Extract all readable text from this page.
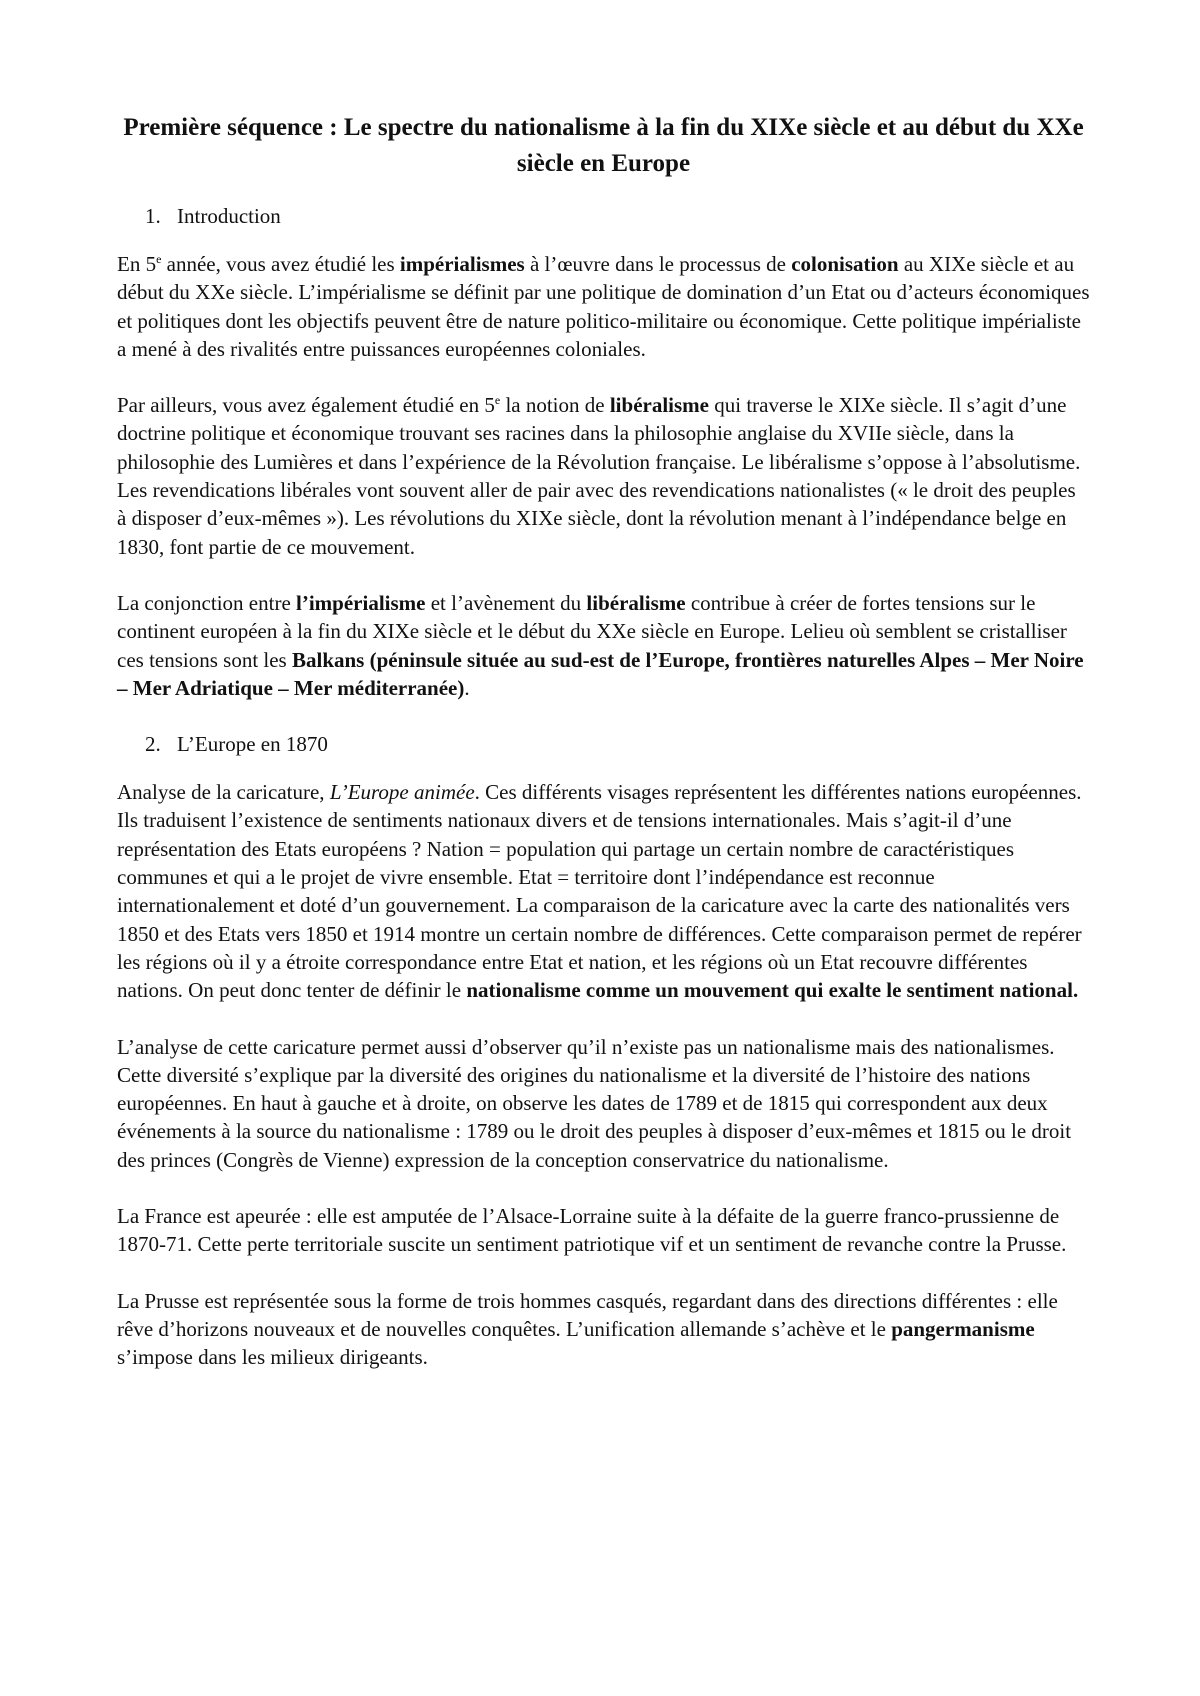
Première séquence : Le spectre du nationalisme à la fin du XIXe siècle et au début du XXe siècle en Europe
1. Introduction

En 5e année, vous avez étudié les impérialismes à l’œuvre dans le processus de colonisation au XIXe siècle et au début du XXe siècle. L’impérialisme se définit par une politique de domination d’un Etat ou d’acteurs économiques et politiques dont les objectifs peuvent être de nature politico-militaire ou économique. Cette politique impérialiste a mené à des rivalités entre puissances européennes coloniales.

Par ailleurs, vous avez également étudié en 5e la notion de libéralisme qui traverse le XIXe siècle. Il s’agit d’une doctrine politique et économique trouvant ses racines dans la philosophie anglaise du XVIIe siècle, dans la philosophie des Lumières et dans l’expérience de la Révolution française. Le libéralisme s’oppose à l’absolutisme. Les revendications libérales vont souvent aller de pair avec des revendications nationalistes (« le droit des peuples à disposer d’eux-mêmes »). Les révolutions du XIXe siècle, dont la révolution menant à l’indépendance belge en 1830, font partie de ce mouvement.

La conjonction entre l’impérialisme et l’avènement du libéralisme contribue à créer de fortes tensions sur le continent européen à la fin du XIXe siècle et le début du XXe siècle en Europe. Lelieu où semblent se cristalliser ces tensions sont les Balkans (péninsule située au sud-est de l’Europe, frontières naturelles Alpes – Mer Noire – Mer Adriatique – Mer méditerranée).

2. L’Europe en 1870

Analyse de la caricature, L’Europe animée. Ces différents visages représentent les différentes nations européennes. Ils traduisent l’existence de sentiments nationaux divers et de tensions internationales. Mais s’agit-il d’une représentation des Etats européens ? Nation = population qui partage un certain nombre de caractéristiques communes et qui a le projet de vivre ensemble. Etat = territoire dont l’indépendance est reconnue internationalement et doté d’un gouvernement. La comparaison de la caricature avec la carte des nationalités vers 1850 et des Etats vers 1850 et 1914 montre un certain nombre de différences. Cette comparaison permet de repérer les régions où il y a étroite correspondance entre Etat et nation, et les régions où un Etat recouvre différentes nations. On peut donc tenter de définir le nationalisme comme un mouvement qui exalte le sentiment national.

L’analyse de cette caricature permet aussi d’observer qu’il n’existe pas un nationalisme mais des nationalismes. Cette diversité s’explique par la diversité des origines du nationalisme et la diversité de l’histoire des nations européennes. En haut à gauche et à droite, on observe les dates de 1789 et de 1815 qui correspondent aux deux événements à la source du nationalisme : 1789 ou le droit des peuples à disposer d’eux-mêmes et 1815 ou le droit des princes (Congrès de Vienne) expression de la conception conservatrice du nationalisme.

La France est apeurée : elle est amputée de l’Alsace-Lorraine suite à la défaite de la guerre franco-prussienne de 1870-71. Cette perte territoriale suscite un sentiment patriotique vif et un sentiment de revanche contre la Prusse.

La Prusse est représentée sous la forme de trois hommes casqués, regardant dans des directions différentes : elle rêve d’horizons nouveaux et de nouvelles conquêtes. L’unification allemande s’achève et le pangermanisme s’impose dans les milieux dirigeants.
